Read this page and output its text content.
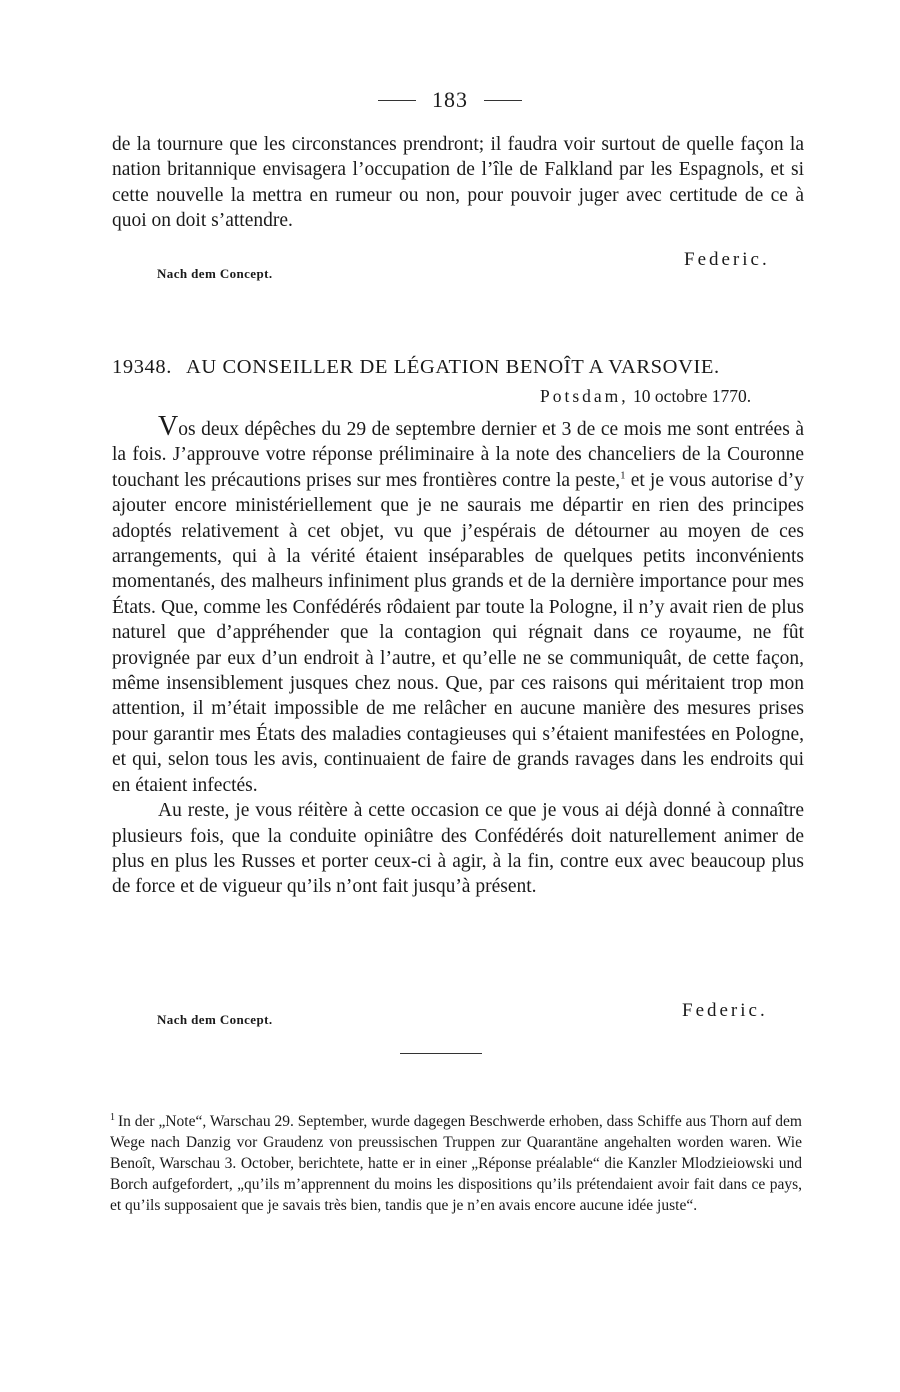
183

de la tournure que les circonstances prendront; il faudra voir surtout de quelle façon la nation britannique envisagera l’occupation de l’île de Falkland par les Espagnols, et si cette nouvelle la mettra en rumeur ou non, pour pouvoir juger avec certitude de ce à quoi on doit s’attendre.

Federic.
Nach dem Concept.
19348. AU CONSEILLER DE LÉGATION BENOÎT A VARSOVIE.
Potsdam, 10 octobre 1770.

Vos deux dépêches du 29 de septembre dernier et 3 de ce mois me sont entrées à la fois. J’approuve votre réponse préliminaire à la note des chanceliers de la Couronne touchant les précautions prises sur mes frontières contre la peste,$^1$ et je vous autorise d’y ajouter encore ministériellement que je ne saurais me départir en rien des principes adoptés relativement à cet objet, vu que j’espérais de détourner au moyen de ces arrangements, qui à la vérité étaient inséparables de quelques petits inconvénients momentanés, des malheurs infiniment plus grands et de la dernière importance pour mes États. Que, comme les Confédérés rôdaient par toute la Pologne, il n’y avait rien de plus naturel que d’appréhender que la contagion qui régnait dans ce royaume, ne fût provignée par eux d’un endroit à l’autre, et qu’elle ne se communiquât, de cette façon, même insensiblement jusques chez nous. Que, par ces raisons qui méritaient trop mon attention, il m’était impossible de me relâcher en aucune manière des mesures prises pour garantir mes États des maladies contagieuses qui s’étaient manifestées en Pologne, et qui, selon tous les avis, continuaient de faire de grands ravages dans les endroits qui en étaient infectés.

Au reste, je vous réitère à cette occasion ce que je vous ai déjà donné à connaître plusieurs fois, que la conduite opiniâtre des Confédérés doit naturellement animer de plus en plus les Russes et porter ceux-ci à agir, à la fin, contre eux avec beaucoup plus de force et de vigueur qu’ils n’ont fait jusqu’à présent.

Federic.
Nach dem Concept.
$^1$ In der „Note“, Warschau 29. September, wurde dagegen Beschwerde erhoben, dass Schiffe aus Thorn auf dem Wege nach Danzig vor Graudenz von preussischen Truppen zur Quarantäne angehalten worden waren. Wie Benoît, Warschau 3. October, berichtete, hatte er in einer „Réponse préalable“ die Kanzler Mlodzieiowski und Borch aufgefordert, „qu’ils m’apprennent du moins les dispositions qu’ils prétendaient avoir fait dans ce pays, et qu’ils supposaient que je savais très bien, tandis que je n’en avais encore aucune idée juste“.
